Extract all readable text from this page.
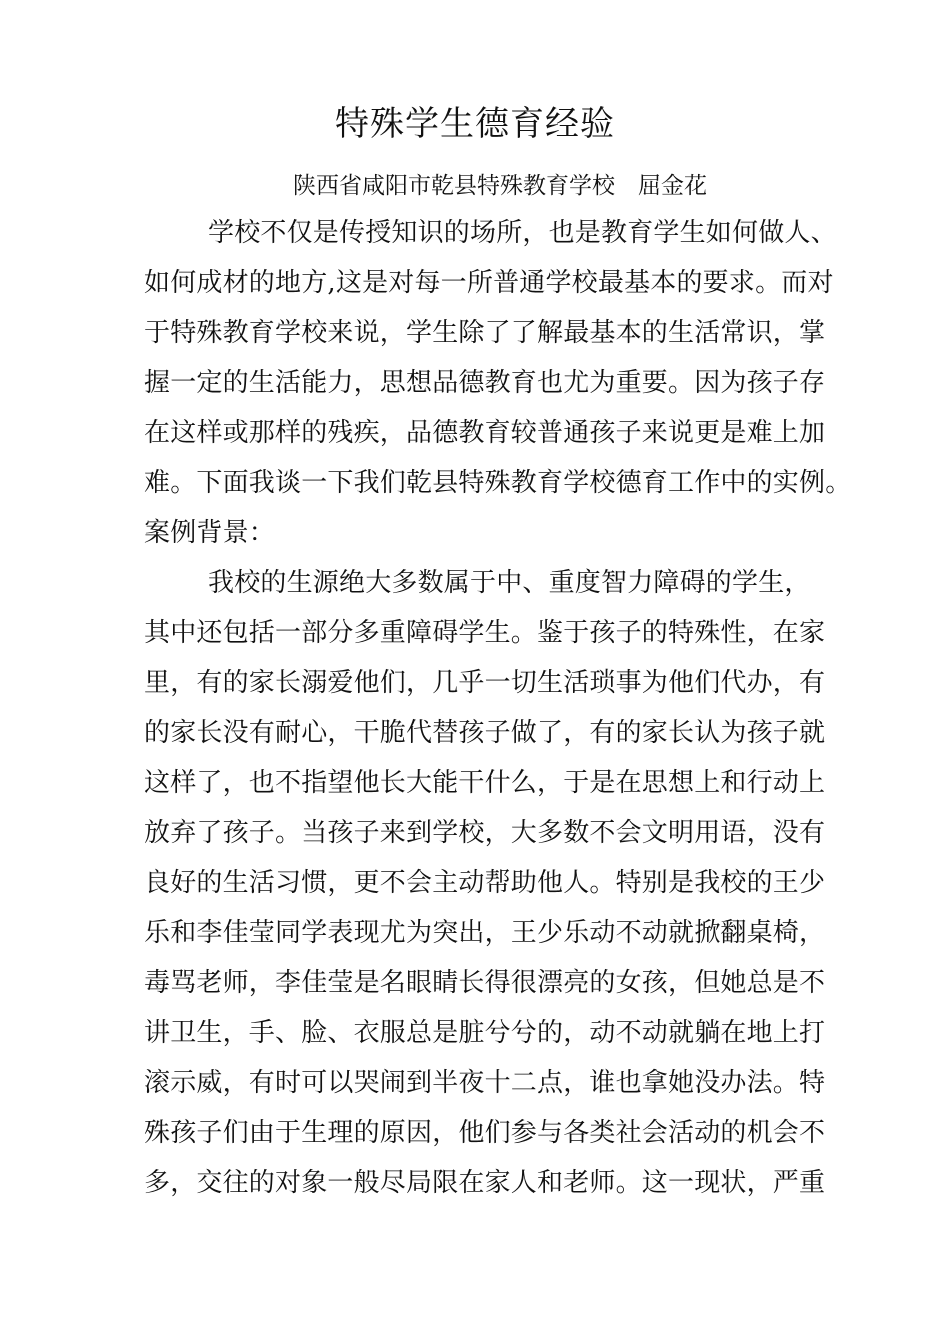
特殊学生德育经验
陕西省咸阳市乾县特殊教育学校　屈金花
学校不仅是传授知识的场所，也是教育学生如何做人、
如何成材的地方,这是对每一所普通学校最基本的要求。而对
于特殊教育学校来说，学生除了了解最基本的生活常识，掌
握一定的生活能力，思想品德教育也尤为重要。因为孩子存
在这样或那样的残疾，品德教育较普通孩子来说更是难上加
难。下面我谈一下我们乾县特殊教育学校德育工作中的实例。
案例背景：
我校的生源绝大多数属于中、重度智力障碍的学生，
其中还包括一部分多重障碍学生。鉴于孩子的特殊性，在家
里，有的家长溺爱他们，几乎一切生活琐事为他们代办，有
的家长没有耐心，干脆代替孩子做了，有的家长认为孩子就
这样了，也不指望他长大能干什么，于是在思想上和行动上
放弃了孩子。当孩子来到学校，大多数不会文明用语，没有
良好的生活习惯，更不会主动帮助他人。特别是我校的王少
乐和李佳莹同学表现尤为突出，王少乐动不动就掀翻桌椅，
毒骂老师，李佳莹是名眼睛长得很漂亮的女孩，但她总是不
讲卫生，手、脸、衣服总是脏兮兮的，动不动就躺在地上打
滚示威，有时可以哭闹到半夜十二点，谁也拿她没办法。特
殊孩子们由于生理的原因，他们参与各类社会活动的机会不
多，交往的对象一般尽局限在家人和老师。这一现状，严重
